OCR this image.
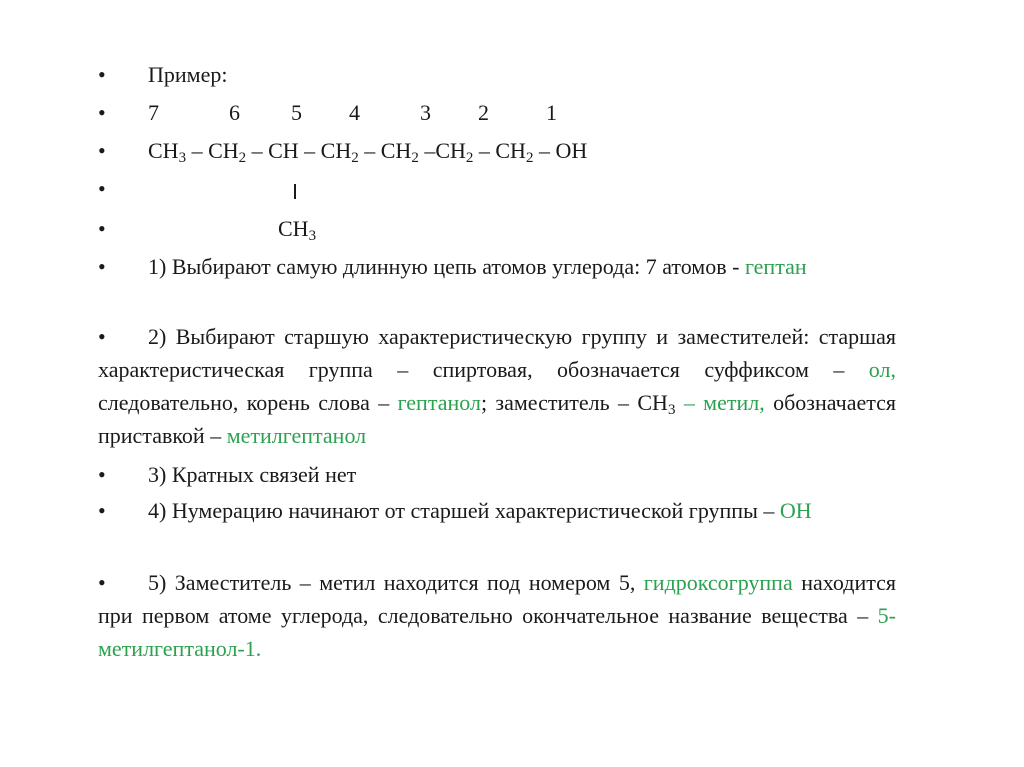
• Пример:
• 7	6 5 4	3 2	1
• $CH_3 - CH_2$ – CH – $CH_2 - CH_2$ $-CH_2 - CH_2$ – OH
•
•	$CH_3$
• 1) Выбирают самую длинную цепь атомов углерода: 7 атомов - гептан
• 2) Выбирают старшую характеристическую группу и заместителей: старшая характеристическая группа – спиртовая, обозначается суффиксом – ол, следовательно, корень слова – гептанол; заместитель – $CH_3$ – метил, обозначается приставкой – метилгептанол
• 3) Кратных связей нет
• 4) Нумерацию начинают от старшей характеристической группы – OH
• 5) Заместитель – метил находится под номером 5, гидроксогруппа находится при первом атоме углерода, следовательно окончательное название вещества – 5-метилгептанол-1.
